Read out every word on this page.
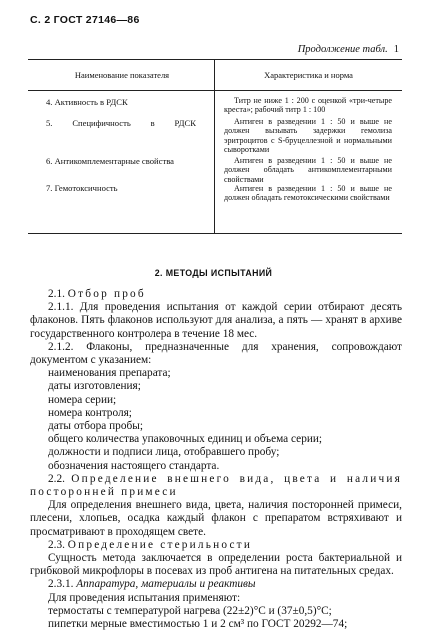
С. 2 ГОСТ 27146—86
Продолжение табл. 1
Наименование показателя	Характеристика и норма
4. Активность в РДСК	Титр не ниже 1 : 200 с оценкой «три-четыре креста»; рабочий титр 1 : 100
5. Специфичность в РДСК	Антиген в разведении 1 : 50 и выше не должен вызывать задержки гемолиза эритроцитов с S-бруцеллезной и нормальными сыворотками
6. Антикомплементарные свойства	Антиген в разведении 1 : 50 и выше не должен обладать антикомплементарными свойствами
7. Гемотоксичность	Антиген в разведении 1 : 50 и выше не должен обладать гемотоксическими свойствами
2. МЕТОДЫ ИСПЫТАНИЙ

2.1. Отбор проб

2.1.1. Для проведения испытания от каждой серии отбирают десять флаконов. Пять флаконов используют для анализа, а пять — хранят в архиве государственного контролера в течение 18 мес.

2.1.2. Флаконы, предназначенные для хранения, сопровождают документом с указанием:

наименования препарата;

даты изготовления;

номера серии;

номера контроля;

даты отбора пробы;

общего количества упаковочных единиц и объема серии;

должности и подписи лица, отобравшего пробу;

обозначения настоящего стандарта.

2.2. Определение внешнего вида, цвета и наличия посторонней примеси

Для определения внешнего вида, цвета, наличия посторонней примеси, плесени, хлопьев, осадка каждый флакон с препаратом встряхивают и просматривают в проходящем свете.

2.3. Определение стерильности

Сущность метода заключается в определении роста бактериальной и грибковой микрофлоры в посевах из проб антигена на питательных средах.

2.3.1. Аппаратура, материалы и реактивы

Для проведения испытания применяют:

термостаты с температурой нагрева (22±2)°C и (37±0,5)°C;

пипетки мерные вместимостью 1 и 2 см³ по ГОСТ 20292—74;
